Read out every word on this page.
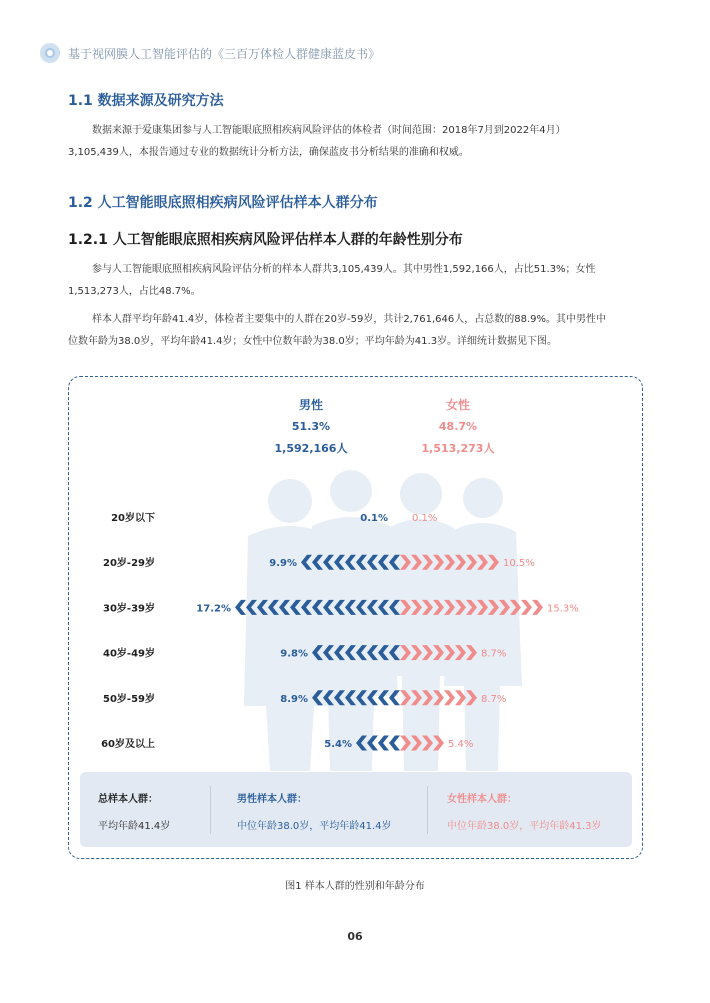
基于视网膜人工智能评估的《三百万体检人群健康蓝皮书》
1.1 数据来源及研究方法
数据来源于爱康集团参与人工智能眼底照相疾病风险评估的体检者（时间范围：2018年7月到2022年4月）
3,105,439人，本报告通过专业的数据统计分析方法，确保蓝皮书分析结果的准确和权威。
1.2 人工智能眼底照相疾病风险评估样本人群分布
1.2.1 人工智能眼底照相疾病风险评估样本人群的年龄性别分布
参与人工智能眼底照相疾病风险评估分析的样本人群共3,105,439人。其中男性1,592,166人，占比51.3%；女性
1,513,273人，占比48.7%。
样本人群平均年龄41.4岁，体检者主要集中的人群在20岁-59岁，共计2,761,646人，占总数的88.9%。其中男性中
位数年龄为38.0岁，平均年龄41.4岁；女性中位数年龄为38.0岁；平均年龄为41.3岁。详细统计数据见下图。
男性
51.3%
1,592,166人
女性
48.7%
1,513,273人
20岁以下	0.1% 0.1%
20岁-29岁	9.9%	10.5%
30岁-39岁	17.2%	15.3%
40岁-49岁	9.8%	8.7%
50岁-59岁	8.9%	8.7%
60岁及以上	5.4%	5.4%
总样本人群：
平均年龄41.4岁
男性样本人群：
中位年龄38.0岁，平均年龄41.4岁
女性样本人群：
中位年龄38.0岁，平均年龄41.3岁
图1 样本人群的性别和年龄分布
06
